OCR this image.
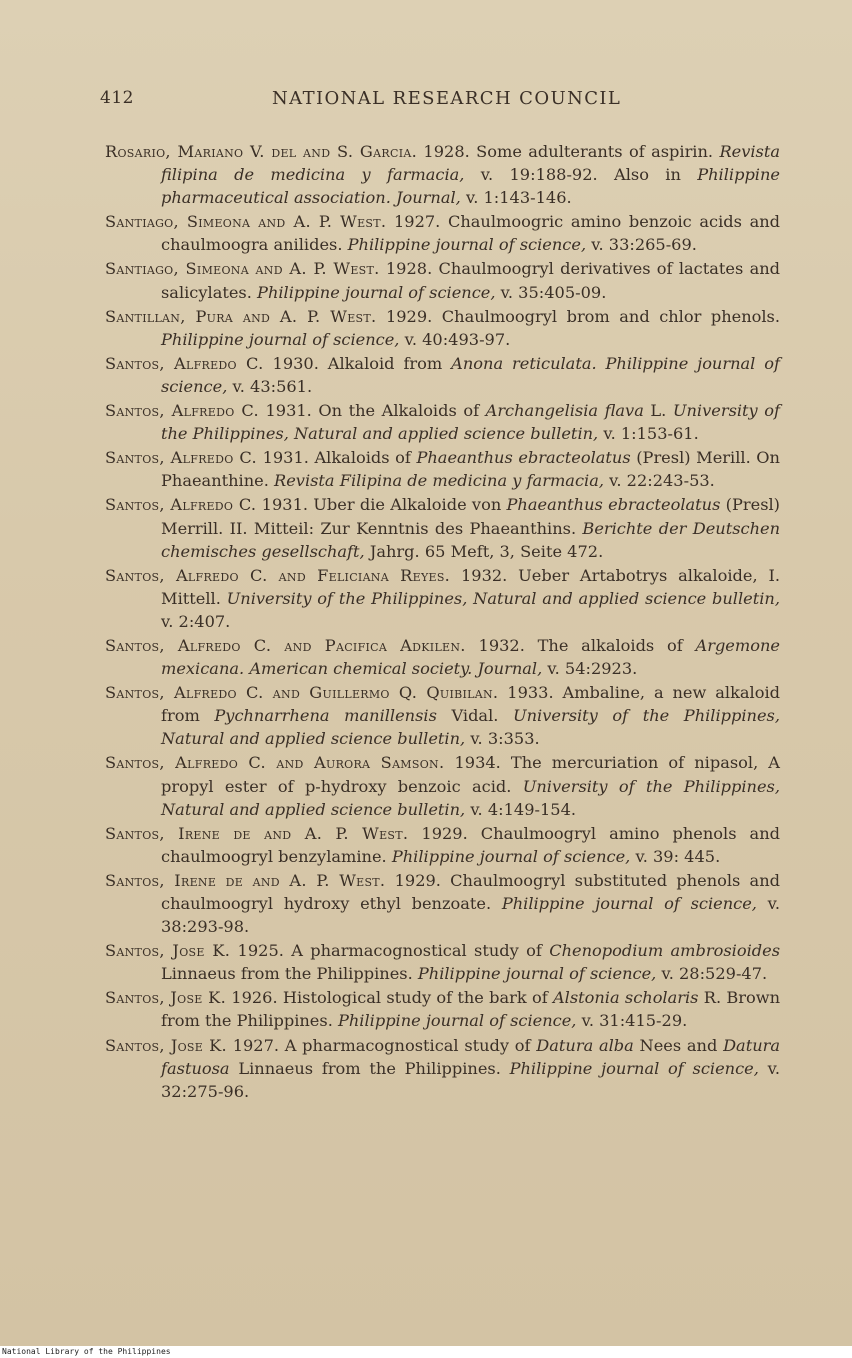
412	NATIONAL RESEARCH COUNCIL

Rosario, Mariano V. del and S. Garcia. 1928. Some adulterants of aspirin. Revista filipina de medicina y farmacia, v. 19:188-92. Also in Philippine pharmaceutical association. Journal, v. 1:143-146.

Santiago, Simeona and A. P. West. 1927. Chaulmoogric amino benzoic acids and chaulmoogra anilides. Philippine journal of science, v. 33:265-69.

Santiago, Simeona and A. P. West. 1928. Chaulmoogryl derivatives of lactates and salicylates. Philippine journal of science, v. 35:405-09.

Santillan, Pura and A. P. West. 1929. Chaulmoogryl brom and chlor phenols. Philippine journal of science, v. 40:493-97.

Santos, Alfredo C. 1930. Alkaloid from Anona reticulata. Philippine journal of science, v. 43:561.

Santos, Alfredo C. 1931. On the Alkaloids of Archangelisia flava L. University of the Philippines, Natural and applied science bulletin, v. 1:153-61.

Santos, Alfredo C. 1931. Alkaloids of Phaeanthus ebracteolatus (Presl) Merill. On Phaeanthine. Revista Filipina de medicina y farmacia, v. 22:243-53.

Santos, Alfredo C. 1931. Uber die Alkaloide von Phaeanthus ebracteolatus (Presl) Merrill. II. Mitteil: Zur Kenntnis des Phaeanthins. Berichte der Deutschen chemisches gesellschaft, Jahrg. 65 Meft, 3, Seite 472.

Santos, Alfredo C. and Feliciana Reyes. 1932. Ueber Artabotrys alkaloide, I. Mittell. University of the Philippines, Natural and applied science bulletin, v. 2:407.

Santos, Alfredo C. and Pacifica Adkilen. 1932. The alkaloids of Argemone mexicana. American chemical society. Journal, v. 54:2923.

Santos, Alfredo C. and Guillermo Q. Quibilan. 1933. Ambaline, a new alkaloid from Pychnarrhena manillensis Vidal. University of the Philippines, Natural and applied science bulletin, v. 3:353.

Santos, Alfredo C. and Aurora Samson. 1934. The mercuriation of nipasol, A propyl ester of p-hydroxy benzoic acid. University of the Philippines, Natural and applied science bulletin, v. 4:149-154.

Santos, Irene de and A. P. West. 1929. Chaulmoogryl amino phenols and chaulmoogryl benzylamine. Philippine journal of science, v. 39: 445.

Santos, Irene de and A. P. West. 1929. Chaulmoogryl substituted phenols and chaulmoogryl hydroxy ethyl benzoate. Philippine journal of science, v. 38:293-98.

Santos, Jose K. 1925. A pharmacognostical study of Chenopodium ambrosioides Linnaeus from the Philippines. Philippine journal of science, v. 28:529-47.

Santos, Jose K. 1926. Histological study of the bark of Alstonia scholaris R. Brown from the Philippines. Philippine journal of science, v. 31:415-29.

Santos, Jose K. 1927. A pharmacognostical study of Datura alba Nees and Datura fastuosa Linnaeus from the Philippines. Philippine journal of science, v. 32:275-96.

National Library of the Philippines
